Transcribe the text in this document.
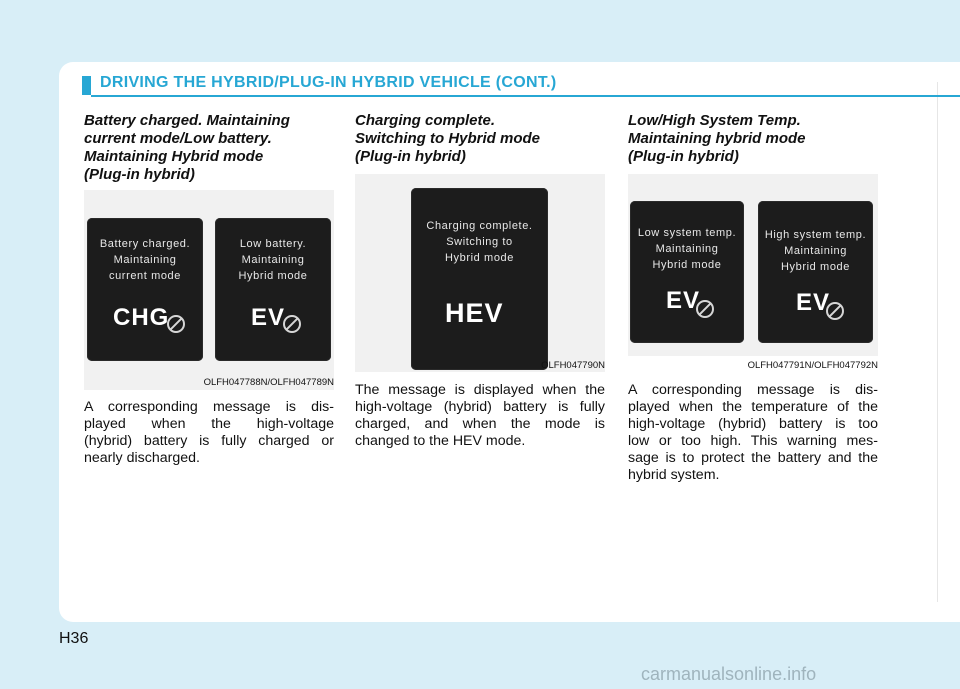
DRIVING THE HYBRID/PLUG-IN HYBRID VEHICLE (CONT.)
Battery charged. Maintaining
current mode/Low battery.
Maintaining Hybrid mode
(Plug-in hybrid)
Battery charged.
Maintaining
current mode
CHG
Low battery.
Maintaining
Hybrid mode
EV
OLFH047788N/OLFH047789N

A corresponding message is dis-
played when the high-voltage
(hybrid) battery is fully charged or
nearly discharged.

Charging complete.
Switching to Hybrid mode
(Plug-in hybrid)
Charging complete.
Switching to
Hybrid mode
HEV
OLFH047790N

The message is displayed when the
high-voltage (hybrid) battery is fully
charged, and when the mode is
changed to the HEV mode.

Low/High System Temp.
Maintaining hybrid mode
(Plug-in hybrid)
Low system temp.
Maintaining
Hybrid mode
EV
High system temp.
Maintaining
Hybrid mode
EV
OLFH047791N/OLFH047792N

A corresponding message is dis-
played when the temperature of the
high-voltage (hybrid) battery is too
low or too high. This warning mes-
sage is to protect the battery and the
hybrid system.

H36
carmanualsonline.info
